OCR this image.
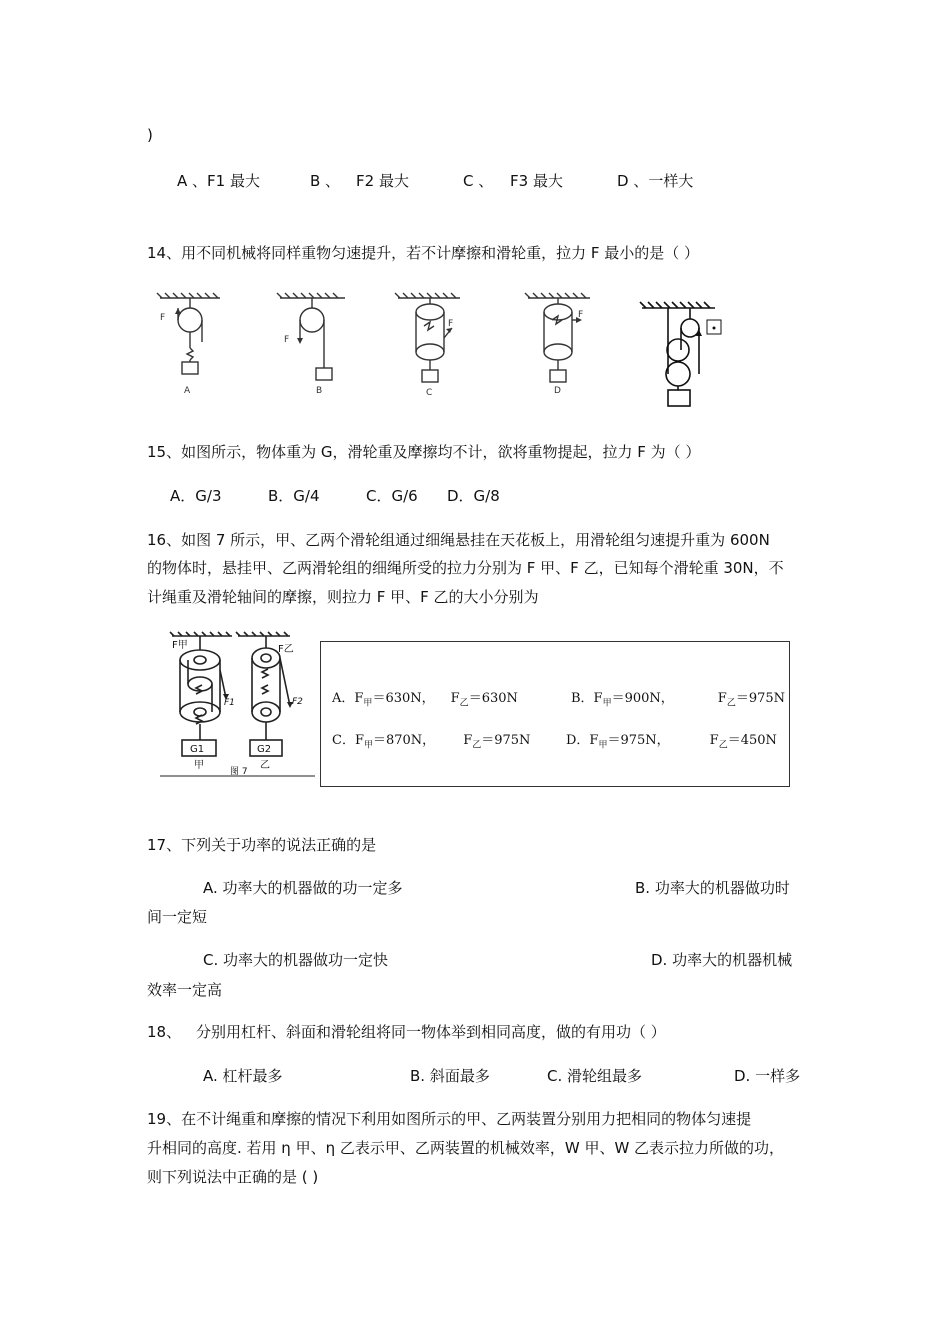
)
A 、F1 最大	B 、 F2 最大	C 、 F3 最大	D 、一样大
14、用不同机械将同样重物匀速提升，若不计摩擦和滑轮重，拉力 F 最小的是（ ）
F
A
F
B
F
C
F
D
15、如图所示，物体重为 G，滑轮重及摩擦均不计，欲将重物提起，拉力 F 为（ ）
A．G/3	B．G/4	C．G/6 D．G/8
16、如图 7 所示，甲、乙两个滑轮组通过细绳悬挂在天花板上，用滑轮组匀速提升重为 600N
的物体时，悬挂甲、乙两滑轮组的细绳所受的拉力分别为 F 甲、F 乙，已知每个滑轮重 30N，不
计绳重及滑轮轴间的摩擦，则拉力 F 甲、F 乙的大小分别为
F甲	F乙
F1	F2
G1	G2
甲	乙
图 7
A．$F_甲=630N$， $F_乙=630N$	B．$F_甲=900N$，	$F_乙=975N$
C．$F_甲=870N$， $F_乙=975N$	D．$F_甲=975N$，	$F_乙=450N$
17、下列关于功率的说法正确的是
A. 功率大的机器做的功一定多	B. 功率大的机器做功时
间一定短
C. 功率大的机器做功一定快	D. 功率大的机器机械
效率一定高
18、 分别用杠杆、斜面和滑轮组将同一物体举到相同高度，做的有用功（ ）
A. 杠杆最多	B. 斜面最多	C. 滑轮组最多	D. 一样多
19、在不计绳重和摩擦的情况下利用如图所示的甲、乙两装置分别用力把相同的物体匀速提
升相同的高度. 若用 η 甲、η 乙表示甲、乙两装置的机械效率，W 甲、W 乙表示拉力所做的功，
则下列说法中正确的是 ( )
